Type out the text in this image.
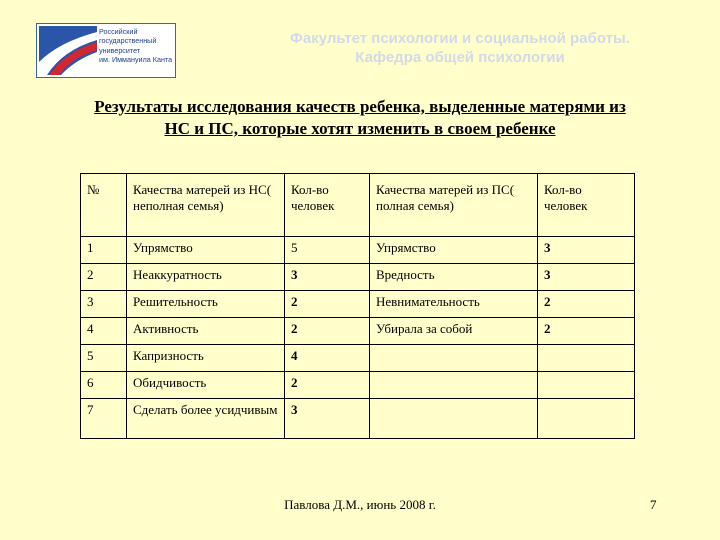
Российский
государственный
университет
им. Иммануила Канта
Факультет психологии и социальной работы.
Кафедра общей психологии
Результаты исследования качеств ребенка, выделенные матерями из
НС и ПС, которые хотят изменить в своем ребенке
№	Качества матерей из НС( неполная семья)	Кол-во человек	Качества матерей из ПС( полная семья)	Кол-во человек
1	Упрямство	5	Упрямство	3
2	Неаккуратность	3	Вредность	3
3	Решительность	2	Невнимательность	2
4	Активность	2	Убирала за собой	2
5	Капризность	4		
6	Обидчивость	2		
7	Сделать более усидчивым	3		
Павлова Д.М., июнь 2008 г.	7
